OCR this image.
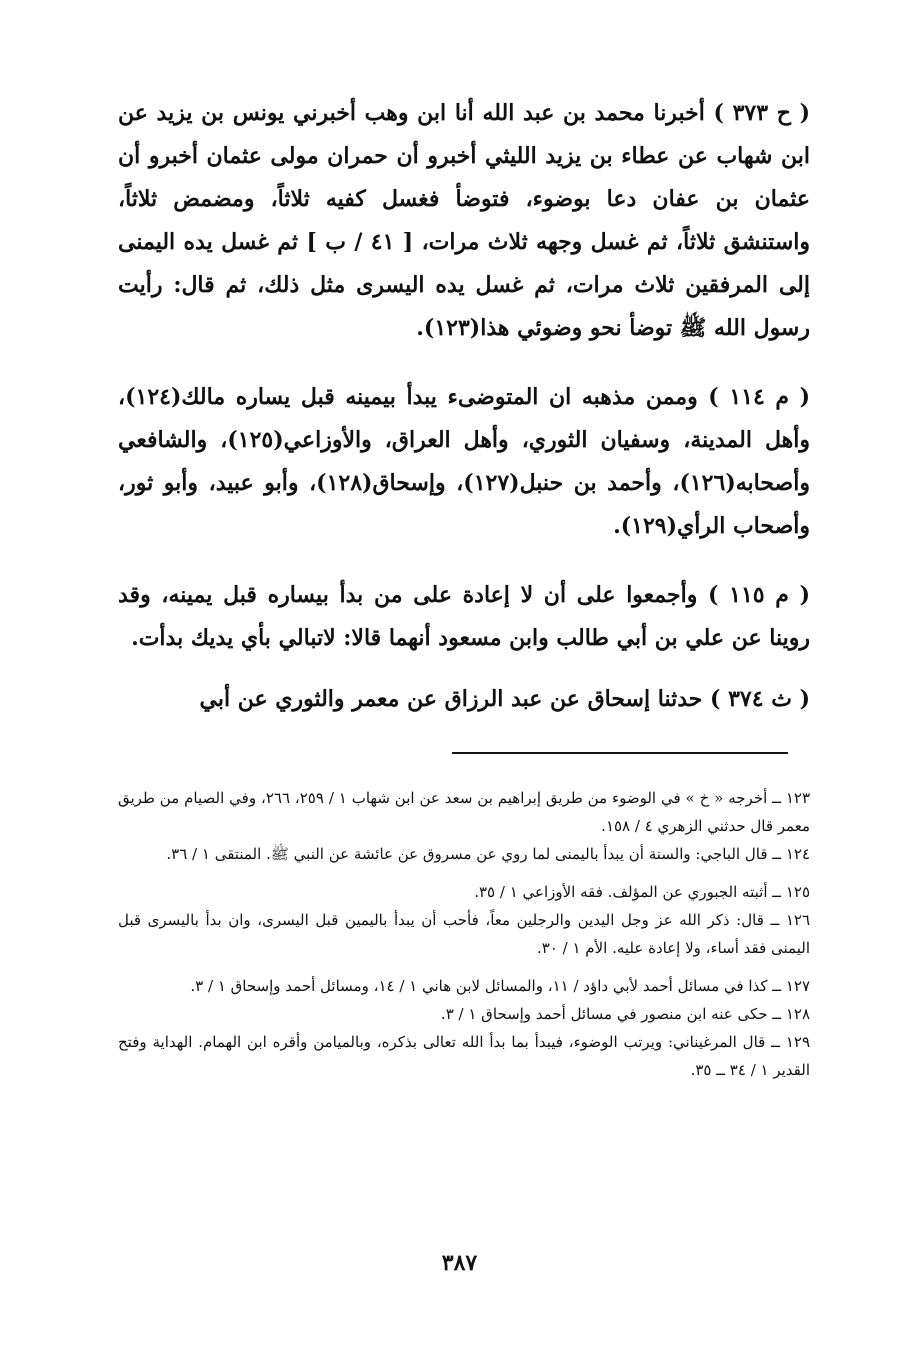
( ح ٣٧٣ ) أخبرنا محمد بن عبد الله أنا ابن وهب أخبرني يونس بن يزيد عن ابن شهاب عن عطاء بن يزيد الليثي أخبرو أن حمران مولى عثمان أخبرو أن عثمان بن عفان دعا بوضوء، فتوضأ فغسل كفيه ثلاثاً، ومضمض ثلاثاً، واستنشق ثلاثاً، ثم غسل وجهه ثلاث مرات، [ ٤١ / ب ] ثم غسل يده اليمنى إلى المرفقين ثلاث مرات، ثم غسل يده اليسرى مثل ذلك، ثم قال: رأيت رسول الله ﷺ توضأ نحو وضوئي هذا(١٢٣).

( م ١١٤ ) وممن مذهبه ان المتوضىء يبدأ بيمينه قبل يساره مالك(١٢٤)، وأهل المدينة، وسفيان الثوري، وأهل العراق، والأوزاعي(١٢٥)، والشافعي وأصحابه(١٢٦)، وأحمد بن حنبل(١٢٧)، وإسحاق(١٢٨)، وأبو عبيد، وأبو ثور، وأصحاب الرأي(١٢٩).

( م ١١٥ ) وأجمعوا على أن لا إعادة على من بدأ بيساره قبل يمينه، وقد روينا عن علي بن أبي طالب وابن مسعود أنهما قالا: لاتبالي بأي يديك بدأت.

( ث ٣٧٤ ) حدثنا إسحاق عن عبد الرزاق عن معمر والثوري عن أبي

١٢٣ ــ أخرجه « خ » في الوضوء من طريق إبراهيم بن سعد عن ابن شهاب ١ / ٢٥٩، ٢٦٦، وفي الصيام من طريق معمر قال حدثني الزهري ٤ / ١٥٨.

١٢٤ ــ قال الباجي: والسنة أن يبدأ باليمنى لما روي عن مسروق عن عائشة عن النبي ﷺ. المنتقى ١ / ٣٦.

١٢٥ ــ أثبته الجبوري عن المؤلف. فقه الأوزاعي ١ / ٣٥.

١٢٦ ــ قال: ذكر الله عز وجل اليدين والرجلين معاً، فأحب أن يبدأ باليمين قبل اليسرى، وان بدأ باليسرى قبل اليمنى فقد أساء، ولا إعادة عليه. الأم ١ / ٣٠.

١٢٧ ــ كذا في مسائل أحمد لأبي داؤد / ١١، والمسائل لابن هاني ١ / ١٤، ومسائل أحمد وإسحاق ١ / ٣.

١٢٨ ــ حكى عنه ابن منصور في مسائل أحمد وإسحاق ١ / ٣.

١٢٩ ــ قال المرغيناني: ويرتب الوضوء، فيبدأ بما بدأ الله تعالى بذكره، وبالميامن وأقره ابن الهمام. الهداية وفتح القدير ١ / ٣٤ ــ ٣٥.

٣٨٧
